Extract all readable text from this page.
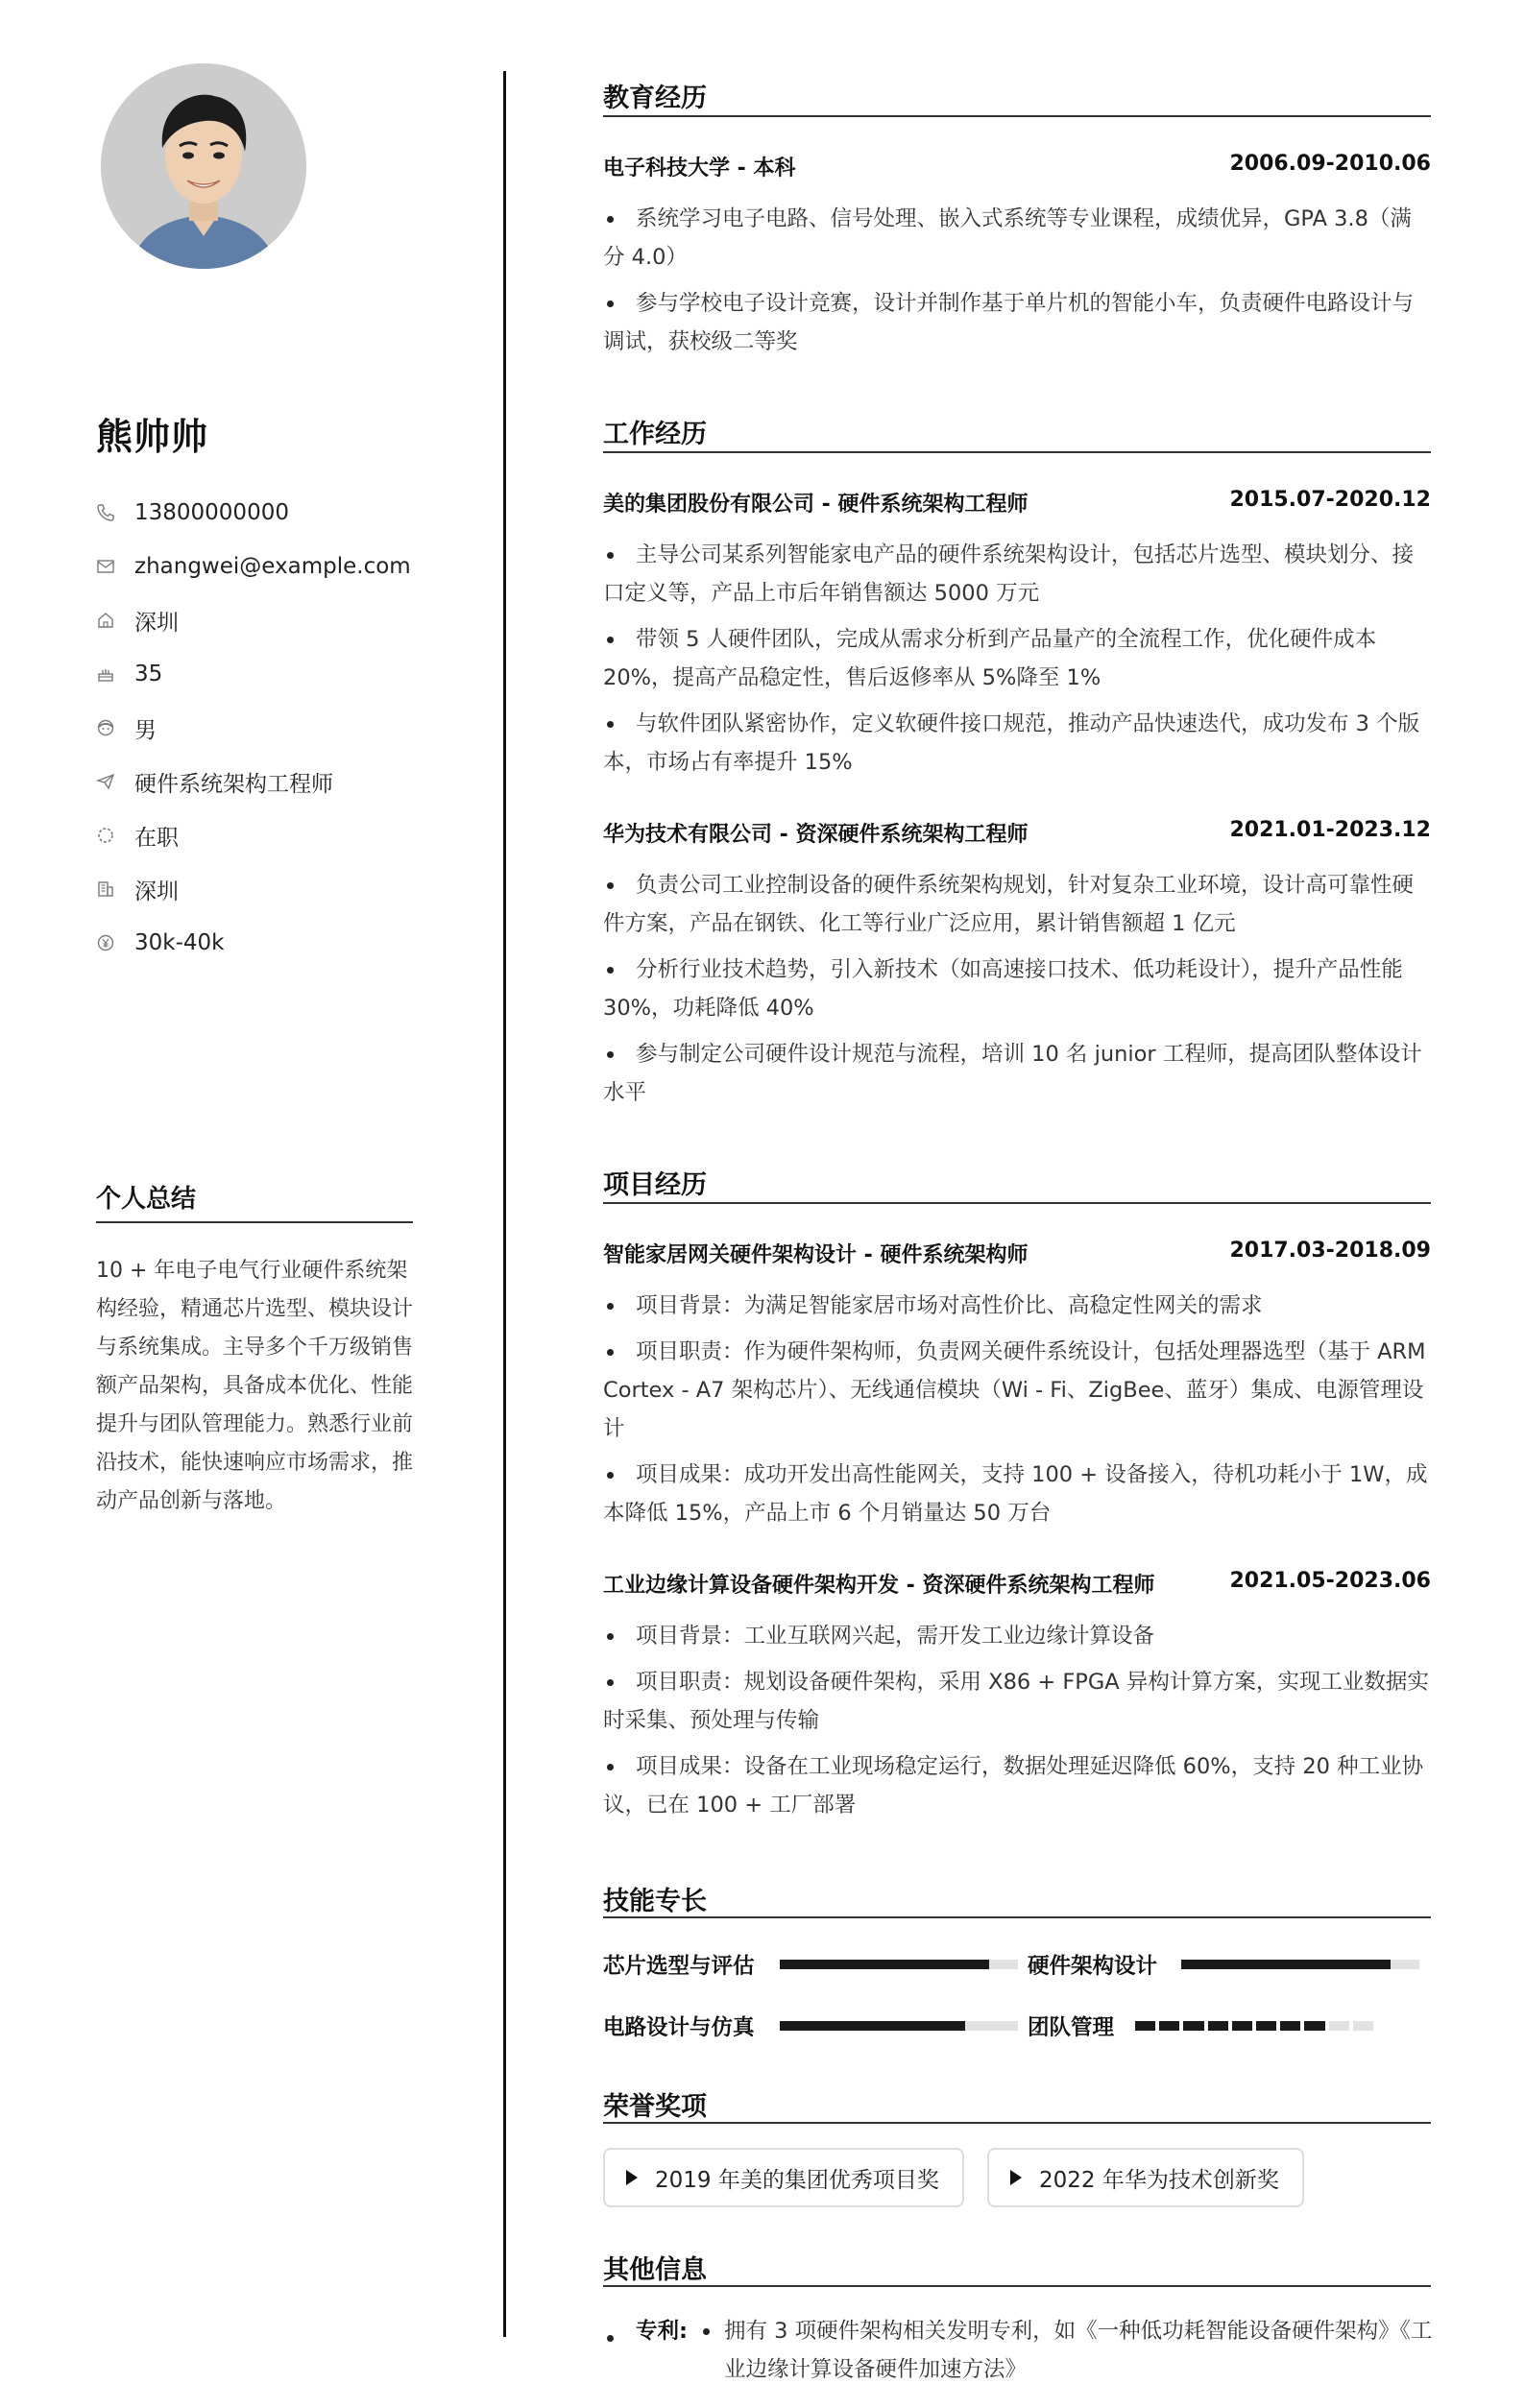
熊帅帅
13800000000
zhangwei@example.com
深圳
35
男
硬件系统架构工程师
在职
深圳
30k-40k
个人总结
10 + 年电子电气行业硬件系统架构经验，精通芯片选型、模块设计与系统集成。主导多个千万级销售额产品架构，具备成本优化、性能提升与团队管理能力。熟悉行业前沿技术，能快速响应市场需求，推动产品创新与落地。
教育经历
电子科技大学 - 本科	2006.09-2010.06
系统学习电子电路、信号处理、嵌入式系统等专业课程，成绩优异，GPA 3.8（满分 4.0）
参与学校电子设计竞赛，设计并制作基于单片机的智能小车，负责硬件电路设计与调试，获校级二等奖
工作经历
美的集团股份有限公司 - 硬件系统架构工程师	2015.07-2020.12
主导公司某系列智能家电产品的硬件系统架构设计，包括芯片选型、模块划分、接口定义等，产品上市后年销售额达 5000 万元
带领 5 人硬件团队，完成从需求分析到产品量产的全流程工作，优化硬件成本 20%，提高产品稳定性，售后返修率从 5%降至 1%
与软件团队紧密协作，定义软硬件接口规范，推动产品快速迭代，成功发布 3 个版本，市场占有率提升 15%
华为技术有限公司 - 资深硬件系统架构工程师	2021.01-2023.12
负责公司工业控制设备的硬件系统架构规划，针对复杂工业环境，设计高可靠性硬件方案，产品在钢铁、化工等行业广泛应用，累计销售额超 1 亿元
分析行业技术趋势，引入新技术（如高速接口技术、低功耗设计），提升产品性能 30%，功耗降低 40%
参与制定公司硬件设计规范与流程，培训 10 名 junior 工程师，提高团队整体设计水平
项目经历
智能家居网关硬件架构设计 - 硬件系统架构师	2017.03-2018.09
项目背景：为满足智能家居市场对高性价比、高稳定性网关的需求
项目职责：作为硬件架构师，负责网关硬件系统设计，包括处理器选型（基于 ARM Cortex - A7 架构芯片）、无线通信模块（Wi - Fi、ZigBee、蓝牙）集成、电源管理设计
项目成果：成功开发出高性能网关，支持 100 + 设备接入，待机功耗小于 1W，成本降低 15%，产品上市 6 个月销量达 50 万台
工业边缘计算设备硬件架构开发 - 资深硬件系统架构工程师	2021.05-2023.06
项目背景：工业互联网兴起，需开发工业边缘计算设备
项目职责：规划设备硬件架构，采用 X86 + FPGA 异构计算方案，实现工业数据实时采集、预处理与传输
项目成果：设备在工业现场稳定运行，数据处理延迟降低 60%，支持 20 种工业协议，已在 100 + 工厂部署
技能专长
芯片选型与评估	硬件架构设计
电路设计与仿真	团队管理
荣誉奖项
2019 年美的集团优秀项目奖	2022 年华为技术创新奖
其他信息
专利: 拥有 3 项硬件架构相关发明专利，如《一种低功耗智能设备硬件架构》《工业边缘计算设备硬件加速方法》
